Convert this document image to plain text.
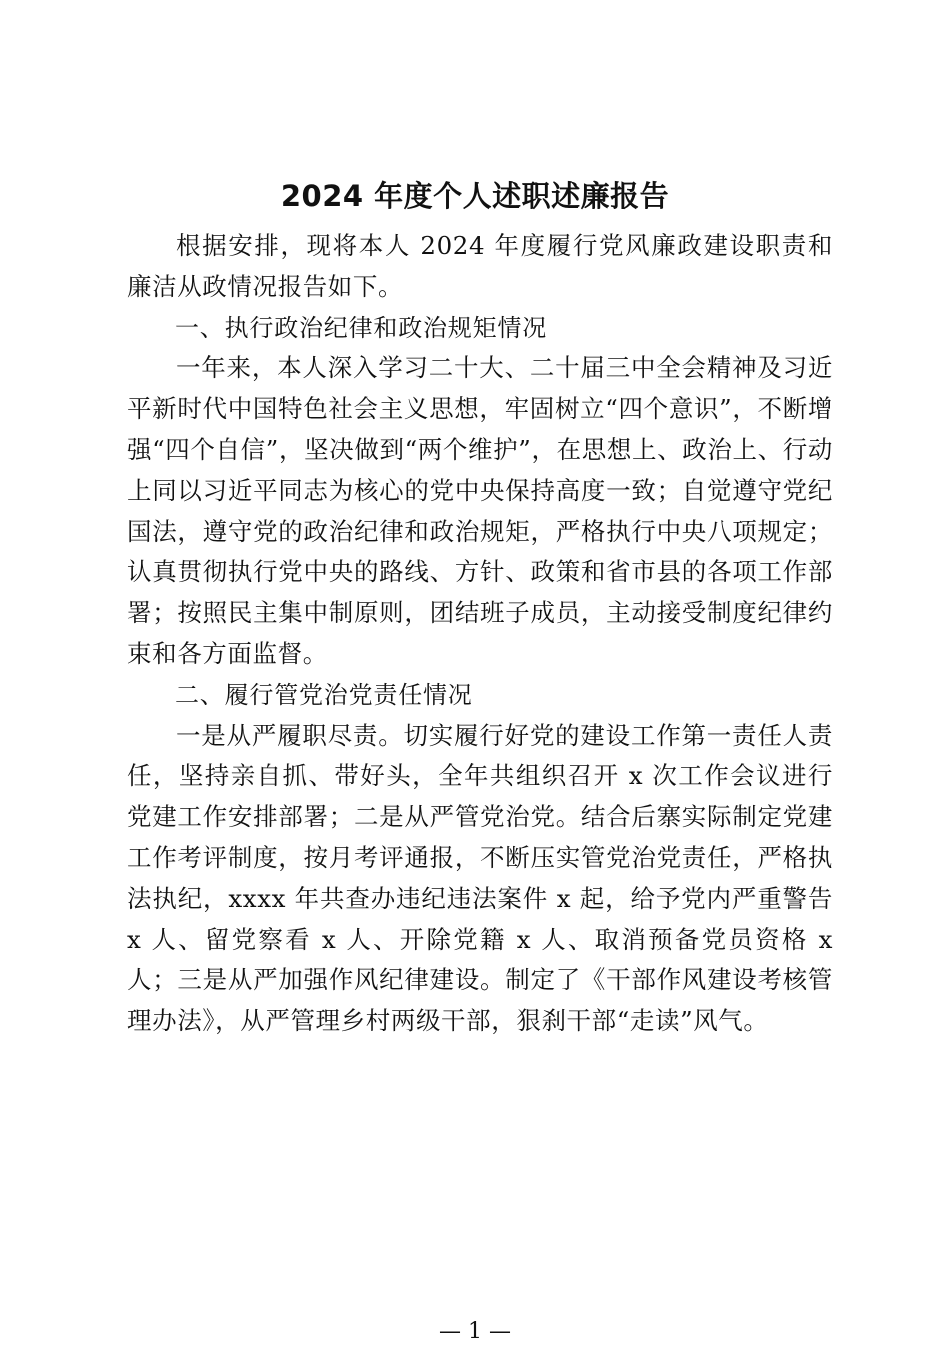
2024 年度个人述职述廉报告

根据安排，现将本人 2024 年度履行党风廉政建设职责和廉洁从政情况报告如下。

一、执行政治纪律和政治规矩情况

一年来，本人深入学习二十大、二十届三中全会精神及习近平新时代中国特色社会主义思想，牢固树立“四个意识”，不断增强“四个自信”，坚决做到“两个维护”，在思想上、政治上、行动上同以习近平同志为核心的党中央保持高度一致；自觉遵守党纪国法，遵守党的政治纪律和政治规矩，严格执行中央八项规定；认真贯彻执行党中央的路线、方针、政策和省市县的各项工作部署；按照民主集中制原则，团结班子成员，主动接受制度纪律约束和各方面监督。

二、履行管党治党责任情况

一是从严履职尽责。切实履行好党的建设工作第一责任人责任，坚持亲自抓、带好头，全年共组织召开 x 次工作会议进行党建工作安排部署；二是从严管党治党。结合后寨实际制定党建工作考评制度，按月考评通报，不断压实管党治党责任，严格执法执纪，xxxx 年共查办违纪违法案件 x 起，给予党内严重警告 x 人、留党察看 x 人、开除党籍 x 人、取消预备党员资格 x 人；三是从严加强作风纪律建设。制定了《干部作风建设考核管理办法》，从严管理乡村两级干部，狠刹干部“走读”风气。

— 1 —
